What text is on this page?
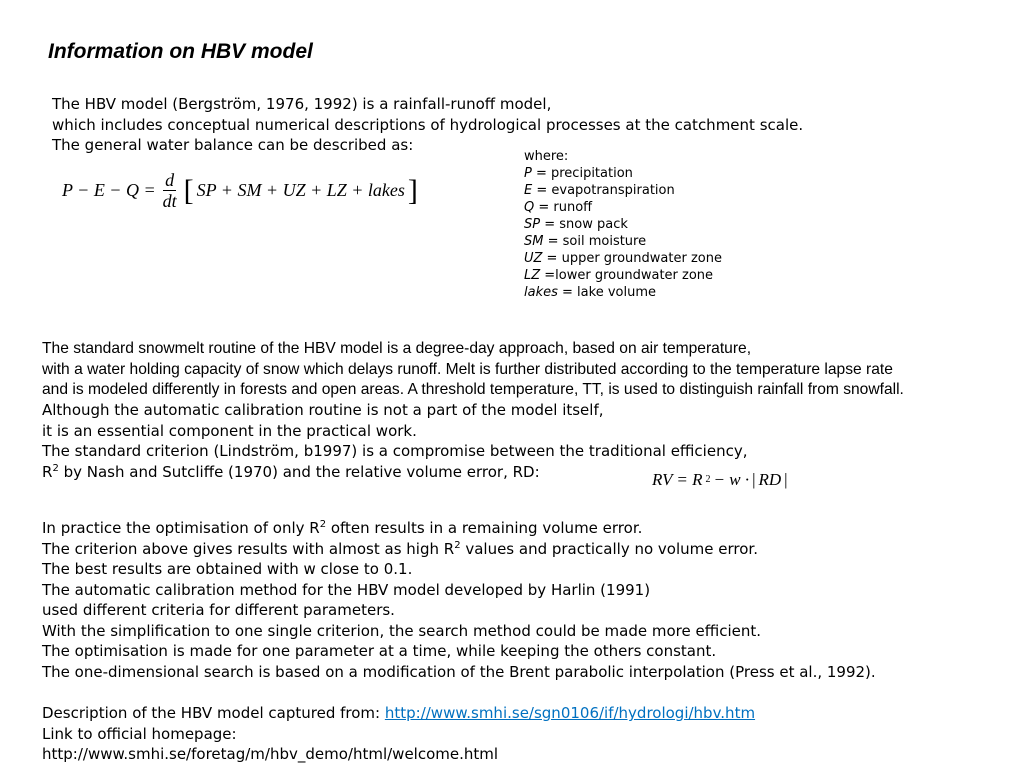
Information on HBV model
The HBV model (Bergström, 1976, 1992) is a rainfall-runoff model,
which includes conceptual numerical descriptions of hydrological processes at the catchment scale.
The general water balance can be described as:
$P - E - Q = \frac{d}{dt}$ [ SP + SM + UZ + LZ + lakes ]
where:
P = precipitation
E = evapotranspiration
Q = runoff
SP = snow pack
SM = soil moisture
UZ = upper groundwater zone
LZ =lower groundwater zone
lakes = lake volume
The standard snowmelt routine of the HBV model is a degree-day approach, based on air temperature,
with a water holding capacity of snow which delays runoff. Melt is further distributed according to the temperature lapse rate
and is modeled differently in forests and open areas. A threshold temperature, TT, is used to distinguish rainfall from snowfall.
Although the automatic calibration routine is not a part of the model itself,
it is an essential component in the practical work.
The standard criterion (Lindström, b1997) is a compromise between the traditional efficiency,
$R^2$ by Nash and Sutcliffe (1970) and the relative volume error, RD:	RV = R 2 − w · | RD |
In practice the optimisation of only $R^2$ often results in a remaining volume error.
The criterion above gives results with almost as high $R^2$ values and practically no volume error.
The best results are obtained with w close to 0.1.
The automatic calibration method for the HBV model developed by Harlin (1991)
used different criteria for different parameters.
With the simplification to one single criterion, the search method could be made more efficient.
The optimisation is made for one parameter at a time, while keeping the others constant.
The one-dimensional search is based on a modification of the Brent parabolic interpolation (Press et al., 1992).
Description of the HBV model captured from: http://www.smhi.se/sgn0106/if/hydrologi/hbv.htm
Link to official homepage:
http://www.smhi.se/foretag/m/hbv_demo/html/welcome.html
